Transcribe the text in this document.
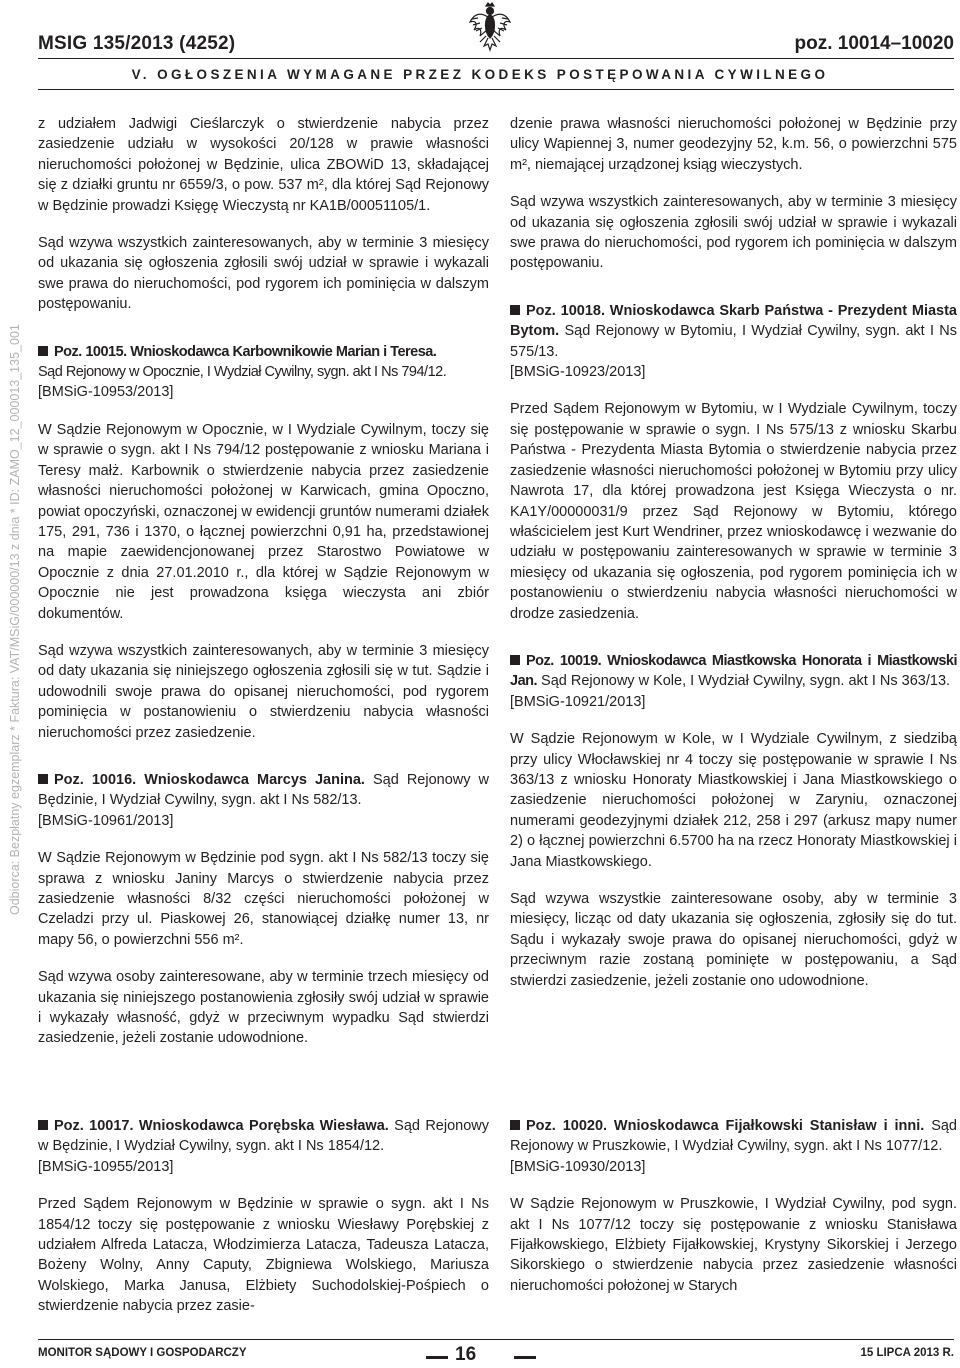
MSIG 135/2013 (4252)	poz. 10014–10020
V. OGŁOSZENIA WYMAGANE PRZEZ KODEKS POSTĘPOWANIA CYWILNEGO
Odbiorca: Bezpłatny egzemplarz * Faktura: VAT/MSiG/000000/13 z dnia * ID: ZAMO_12_000013_135_001

z udziałem Jadwigi Cieślarczyk o stwierdzenie nabycia przez zasiedzenie udziału w wysokości 20/128 w prawie własności nieruchomości położonej w Będzinie, ulica ZBOWiD 13, składającej się z działki gruntu nr 6559/3, o pow. 537 m², dla której Sąd Rejonowy w Będzinie prowadzi Księgę Wieczystą nr KA1B/00051105/1.

Sąd wzywa wszystkich zainteresowanych, aby w terminie 3 miesięcy od ukazania się ogłoszenia zgłosili swój udział w sprawie i wykazali swe prawa do nieruchomości, pod rygorem ich pominięcia w dalszym postępowaniu.

Poz. 10015. Wnioskodawca Karbownikowie Marian i Teresa.
Sąd Rejonowy w Opocznie, I Wydział Cywilny, sygn. akt I Ns 794/12.
[BMSiG-10953/2013]

W Sądzie Rejonowym w Opocznie, w I Wydziale Cywilnym, toczy się w sprawie o sygn. akt I Ns 794/12 postępowanie z wniosku Mariana i Teresy małż. Karbownik o stwierdzenie nabycia przez zasiedzenie własności nieruchomości położonej w Karwicach, gmina Opoczno, powiat opoczyński, oznaczonej w ewidencji gruntów numerami działek 175, 291, 736 i 1370, o łącznej powierzchni 0,91 ha, przedstawionej na mapie zaewidencjonowanej przez Starostwo Powiatowe w Opocznie z dnia 27.01.2010 r., dla której w Sądzie Rejonowym w Opocznie nie jest prowadzona księga wieczysta ani zbiór dokumentów.

Sąd wzywa wszystkich zainteresowanych, aby w terminie 3 miesięcy od daty ukazania się niniejszego ogłoszenia zgłosili się w tut. Sądzie i udowodnili swoje prawa do opisanej nieruchomości, pod rygorem pominięcia w postanowieniu o stwierdzeniu nabycia własności nieruchomości przez zasiedzenie.

Poz. 10016. Wnioskodawca Marcys Janina. Sąd Rejonowy w Będzinie, I Wydział Cywilny, sygn. akt I Ns 582/13.
[BMSiG-10961/2013]

W Sądzie Rejonowym w Będzinie pod sygn. akt I Ns 582/13 toczy się sprawa z wniosku Janiny Marcys o stwierdzenie nabycia przez zasiedzenie własności 8/32 części nieruchomości położonej w Czeladzi przy ul. Piaskowej 26, stanowiącej działkę numer 13, nr mapy 56, o powierzchni 556 m².

Sąd wzywa osoby zainteresowane, aby w terminie trzech miesięcy od ukazania się niniejszego postanowienia zgłosiły swój udział w sprawie i wykazały własność, gdyż w przeciwnym wypadku Sąd stwierdzi zasiedzenie, jeżeli zostanie udowodnione.

Poz. 10017. Wnioskodawca Porębska Wiesława. Sąd Rejonowy w Będzinie, I Wydział Cywilny, sygn. akt I Ns 1854/12.
[BMSiG-10955/2013]

Przed Sądem Rejonowym w Będzinie w sprawie o sygn. akt I Ns 1854/12 toczy się postępowanie z wniosku Wiesławy Porębskiej z udziałem Alfreda Latacza, Włodzimierza Latacza, Tadeusza Latacza, Bożeny Wolny, Anny Caputy, Zbigniewa Wolskiego, Mariusza Wolskiego, Marka Janusa, Elżbiety Suchodolskiej-Pośpiech o stwierdzenie nabycia przez zasie-

dzenie prawa własności nieruchomości położonej w Będzinie przy ulicy Wapiennej 3, numer geodezyjny 52, k.m. 56, o powierzchni 575 m², niemającej urządzonej ksiąg wieczystych.

Sąd wzywa wszystkich zainteresowanych, aby w terminie 3 miesięcy od ukazania się ogłoszenia zgłosili swój udział w sprawie i wykazali swe prawa do nieruchomości, pod rygorem ich pominięcia w dalszym postępowaniu.

Poz. 10018. Wnioskodawca Skarb Państwa - Prezydent Miasta Bytom. Sąd Rejonowy w Bytomiu, I Wydział Cywilny, sygn. akt I Ns 575/13.
[BMSiG-10923/2013]

Przed Sądem Rejonowym w Bytomiu, w I Wydziale Cywilnym, toczy się postępowanie w sprawie o sygn. I Ns 575/13 z wniosku Skarbu Państwa - Prezydenta Miasta Bytomia o stwierdzenie nabycia przez zasiedzenie własności nieruchomości położonej w Bytomiu przy ulicy Nawrota 17, dla której prowadzona jest Księga Wieczysta o nr. KA1Y/00000031/9 przez Sąd Rejonowy w Bytomiu, którego właścicielem jest Kurt Wendriner, przez wnioskodawcę i wezwanie do udziału w postępowaniu zainteresowanych w sprawie w terminie 3 miesięcy od ukazania się ogłoszenia, pod rygorem pominięcia ich w postanowieniu o stwierdzeniu nabycia własności nieruchomości w drodze zasiedzenia.

Poz. 10019. Wnioskodawca Miastkowska Honorata i Miastkowski Jan. Sąd Rejonowy w Kole, I Wydział Cywilny, sygn. akt I Ns 363/13.
[BMSiG-10921/2013]

W Sądzie Rejonowym w Kole, w I Wydziale Cywilnym, z siedzibą przy ulicy Włocławskiej nr 4 toczy się postępowanie w sprawie I Ns 363/13 z wniosku Honoraty Miastkowskiej i Jana Miastkowskiego o zasiedzenie nieruchomości położonej w Zaryniu, oznaczonej numerami geodezyjnymi działek 212, 258 i 297 (arkusz mapy numer 2) o łącznej powierzchni 6.5700 ha na rzecz Honoraty Miastkowskiej i Jana Miastkowskiego.

Sąd wzywa wszystkie zainteresowane osoby, aby w terminie 3 miesięcy, licząc od daty ukazania się ogłoszenia, zgłosiły się do tut. Sądu i wykazały swoje prawa do opisanej nieruchomości, gdyż w przeciwnym razie zostaną pominięte w postępowaniu, a Sąd stwierdzi zasiedzenie, jeżeli zostanie ono udowodnione.

Poz. 10020. Wnioskodawca Fijałkowski Stanisław i inni. Sąd Rejonowy w Pruszkowie, I Wydział Cywilny, sygn. akt I Ns 1077/12.
[BMSiG-10930/2013]

W Sądzie Rejonowym w Pruszkowie, I Wydział Cywilny, pod sygn. akt I Ns 1077/12 toczy się postępowanie z wniosku Stanisława Fijałkowskiego, Elżbiety Fijałkowskiej, Krystyny Sikorskiej i Jerzego Sikorskiego o stwierdzenie nabycia przez zasiedzenie własności nieruchomości położonej w Starych

MONITOR SĄDOWY I GOSPODARCZY	16	15 LIPCA 2013 R.
